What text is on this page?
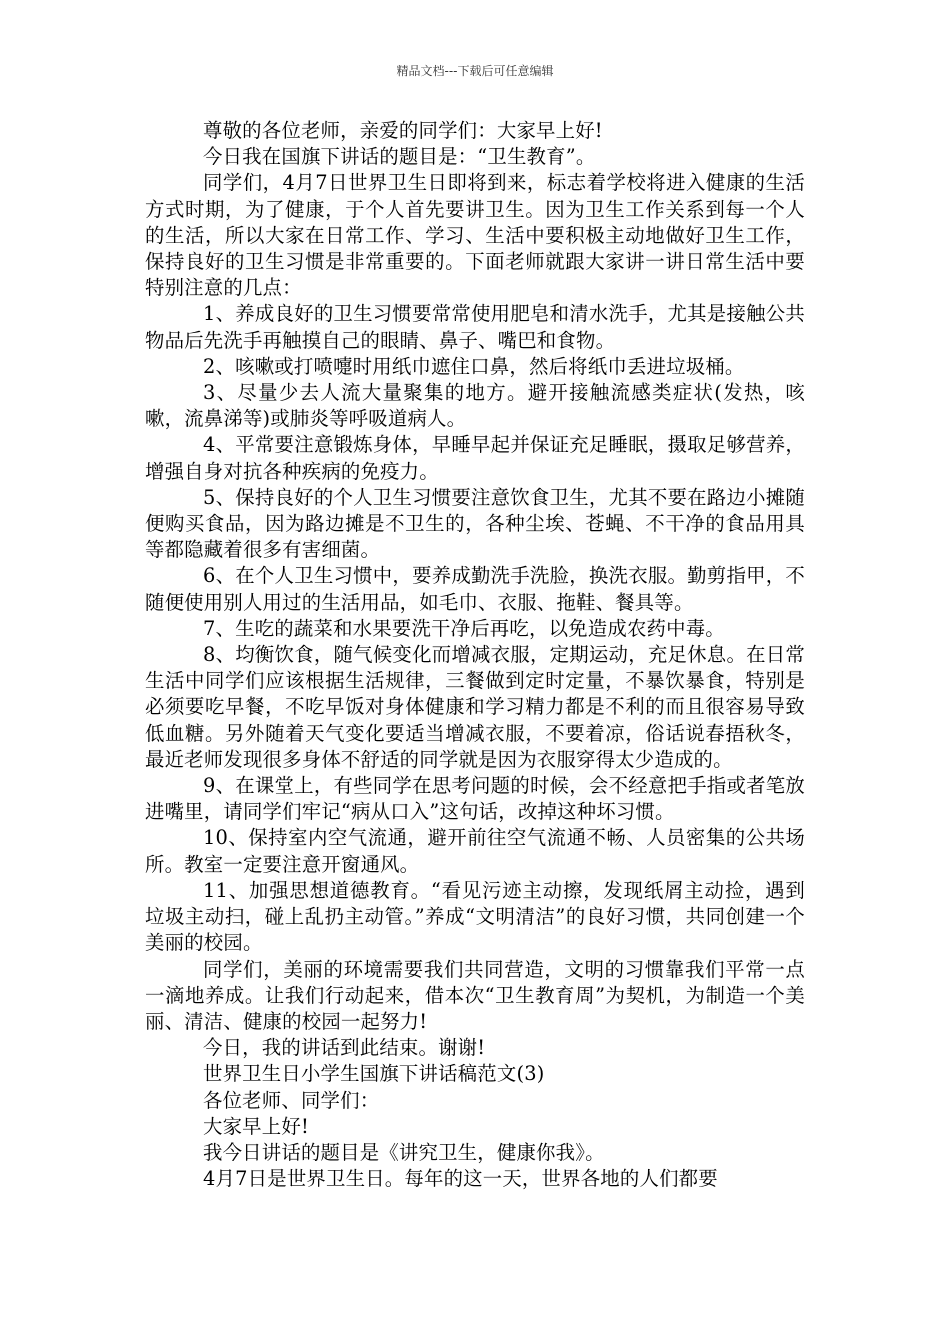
精品文档---下载后可任意编辑

尊敬的各位老师，亲爱的同学们：大家早上好!

今日我在国旗下讲话的题目是：“卫生教育”。

同学们，4月7日世界卫生日即将到来，标志着学校将进入健康的生活方式时期，为了健康，于个人首先要讲卫生。因为卫生工作关系到每一个人的生活，所以大家在日常工作、学习、生活中要积极主动地做好卫生工作，保持良好的卫生习惯是非常重要的。下面老师就跟大家讲一讲日常生活中要特别注意的几点：

1、养成良好的卫生习惯要常常使用肥皂和清水洗手，尤其是接触公共物品后先洗手再触摸自己的眼睛、鼻子、嘴巴和食物。

2、咳嗽或打喷嚏时用纸巾遮住口鼻，然后将纸巾丢进垃圾桶。

3、尽量少去人流大量聚集的地方。避开接触流感类症状(发热，咳嗽，流鼻涕等)或肺炎等呼吸道病人。

4、平常要注意锻炼身体，早睡早起并保证充足睡眠，摄取足够营养，增强自身对抗各种疾病的免疫力。

5、保持良好的个人卫生习惯要注意饮食卫生，尤其不要在路边小摊随便购买食品，因为路边摊是不卫生的，各种尘埃、苍蝇、不干净的食品用具等都隐藏着很多有害细菌。

6、在个人卫生习惯中，要养成勤洗手洗脸，换洗衣服。勤剪指甲，不随便使用别人用过的生活用品，如毛巾、衣服、拖鞋、餐具等。

7、生吃的蔬菜和水果要洗干净后再吃，以免造成农药中毒。

8、均衡饮食，随气候变化而增减衣服，定期运动，充足休息。在日常生活中同学们应该根据生活规律，三餐做到定时定量，不暴饮暴食，特别是必须要吃早餐，不吃早饭对身体健康和学习精力都是不利的而且很容易导致低血糖。另外随着天气变化要适当增减衣服，不要着凉，俗话说春捂秋冬，最近老师发现很多身体不舒适的同学就是因为衣服穿得太少造成的。

9、在课堂上，有些同学在思考问题的时候，会不经意把手指或者笔放进嘴里，请同学们牢记“病从口入”这句话，改掉这种坏习惯。

10、保持室内空气流通，避开前往空气流通不畅、人员密集的公共场所。教室一定要注意开窗通风。

11、加强思想道德教育。“看见污迹主动擦，发现纸屑主动捡，遇到垃圾主动扫，碰上乱扔主动管。”养成“文明清洁”的良好习惯，共同创建一个美丽的校园。

同学们，美丽的环境需要我们共同营造，文明的习惯靠我们平常一点一滴地养成。让我们行动起来，借本次“卫生教育周”为契机，为制造一个美丽、清洁、健康的校园一起努力!

今日，我的讲话到此结束。谢谢!

世界卫生日小学生国旗下讲话稿范文(3)

各位老师、同学们：

大家早上好!

我今日讲话的题目是《讲究卫生，健康你我》。

4月7日是世界卫生日。每年的这一天，世界各地的人们都要
